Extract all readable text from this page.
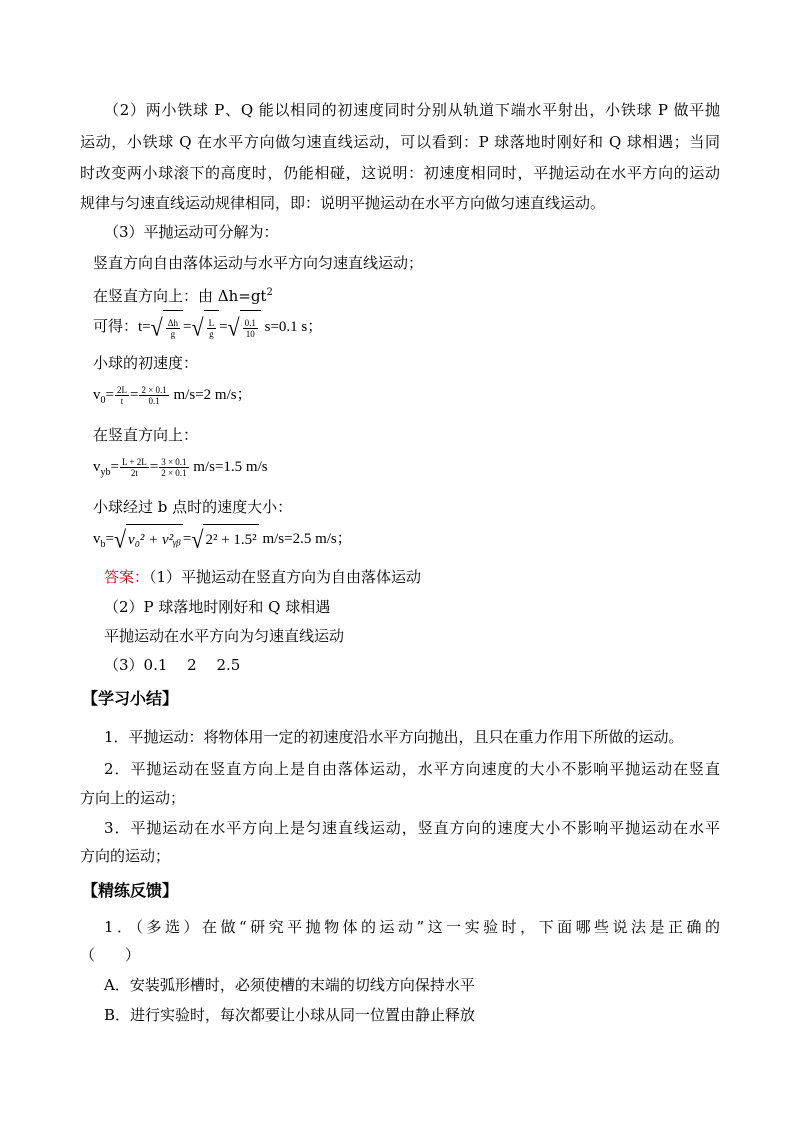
（2）两小铁球 P、Q 能以相同的初速度同时分别从轨道下端水平射出，小铁球 P 做平抛
运动，小铁球 Q 在水平方向做匀速直线运动，可以看到：P 球落地时刚好和 Q 球相遇；当同
时改变两小球滚下的高度时，仍能相碰，这说明：初速度相同时，平抛运动在水平方向的运动
规律与匀速直线运动规律相同，即：说明平抛运动在水平方向做匀速直线运动。
（3）平抛运动可分解为：
竖直方向自由落体运动与水平方向匀速直线运动；
在竖直方向上：由 $\Delta h=gt^2$
可得：$t=√ \frac{\Delta h}{g}$ =√ $\frac{L}{g}$ =√ $\frac{0.1}{10} s=0.1$ s；
小球的初速度：
$v_0= \frac{2L}{t} = \frac{2 \times 0.1}{0.1} m/s=2$ m/s；
在竖直方向上：
$v_{yb}= \frac{L + 2L}{2t} = \frac{3 \times 0.1}{2 \times 0.1} m/s=1.5$ m/s
小球经过 b 点时的速度大小：
$v_b=√$ v₀² + v²ᵧᵦ =√ 2² + 1.5² m/s=2.5 m/s；
答案：（1）平抛运动在竖直方向为自由落体运动
（2）P 球落地时刚好和 Q 球相遇
平抛运动在水平方向为匀速直线运动
（3）0.1　 2　 2.5
【学习小结】
1．平抛运动：将物体用一定的初速度沿水平方向抛出，且只在重力作用下所做的运动。
2．平抛运动在竖直方向上是自由落体运动，水平方向速度的大小不影响平抛运动在竖直
方向上的运动；
3．平抛运动在水平方向上是匀速直线运动，竖直方向的速度大小不影响平抛运动在水平
方向的运动；
【精练反馈】
1．（多选）在做“研究平抛物体的运动”这一实验时，下面哪些说法是正确的
（　　）
A．安装弧形槽时，必须使槽的末端的切线方向保持水平
B．进行实验时，每次都要让小球从同一位置由静止释放
